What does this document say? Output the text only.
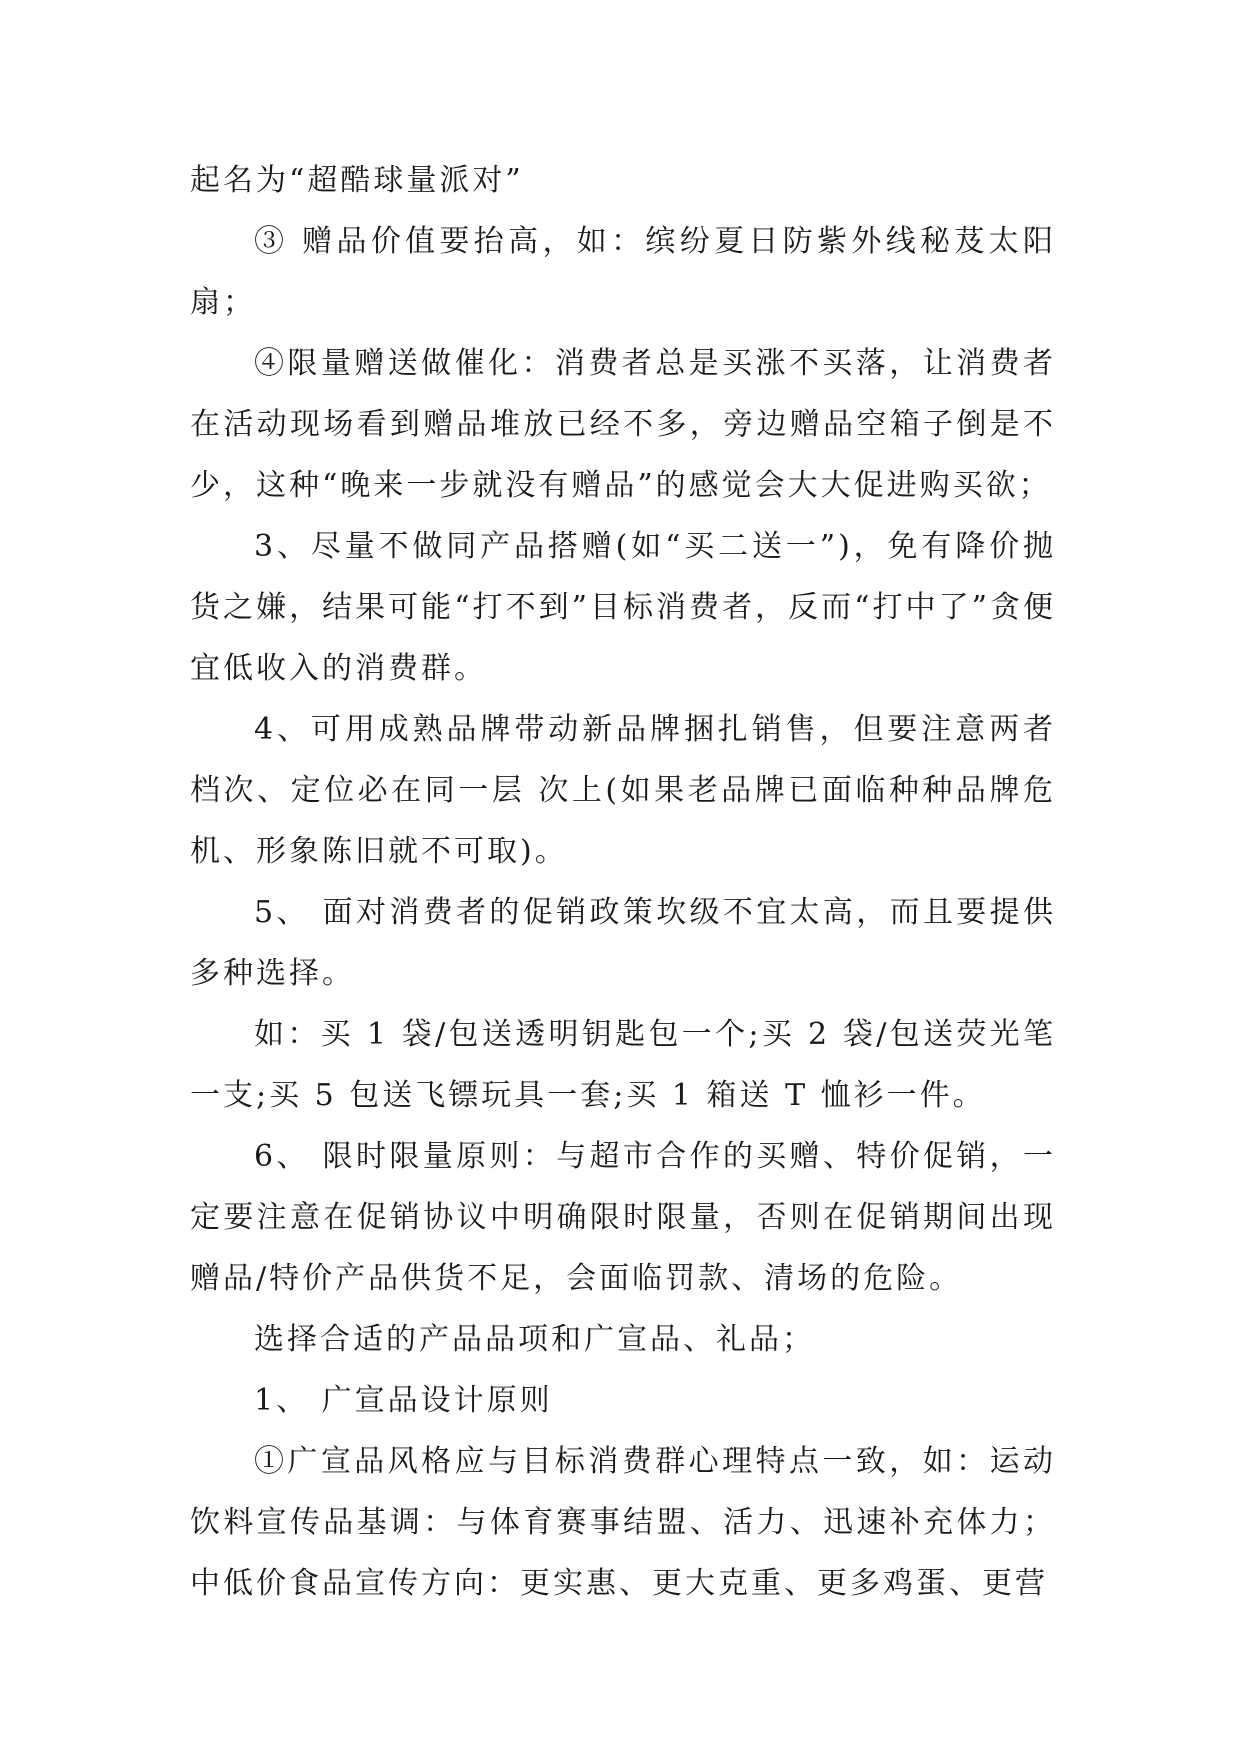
起名为“超酷球量派对”

③ 赠品价值要抬高，如：缤纷夏日防紫外线秘芨太阳扇；

④限量赠送做催化：消费者总是买涨不买落，让消费者在活动现场看到赠品堆放已经不多，旁边赠品空箱子倒是不少，这种“晚来一步就没有赠品”的感觉会大大促进购买欲；

3、尽量不做同产品搭赠(如“买二送一”)，免有降价抛货之嫌，结果可能“打不到”目标消费者，反而“打中了”贪便宜低收入的消费群。

4、可用成熟品牌带动新品牌捆扎销售，但要注意两者档次、定位必在同一层 次上(如果老品牌已面临种种品牌危机、形象陈旧就不可取)。

5、 面对消费者的促销政策坎级不宜太高，而且要提供多种选择。

如：买 1 袋/包送透明钥匙包一个;买 2 袋/包送荧光笔一支;买 5 包送飞镖玩具一套;买 1 箱送 T 恤衫一件。

6、 限时限量原则：与超市合作的买赠、特价促销，一定要注意在促销协议中明确限时限量，否则在促销期间出现赠品/特价产品供货不足，会面临罚款、清场的危险。

选择合适的产品品项和广宣品、礼品；

1、 广宣品设计原则

①广宣品风格应与目标消费群心理特点一致，如：运动饮料宣传品基调：与体育赛事结盟、活力、迅速补充体力；中低价食品宣传方向：更实惠、更大克重、更多鸡蛋、更营
